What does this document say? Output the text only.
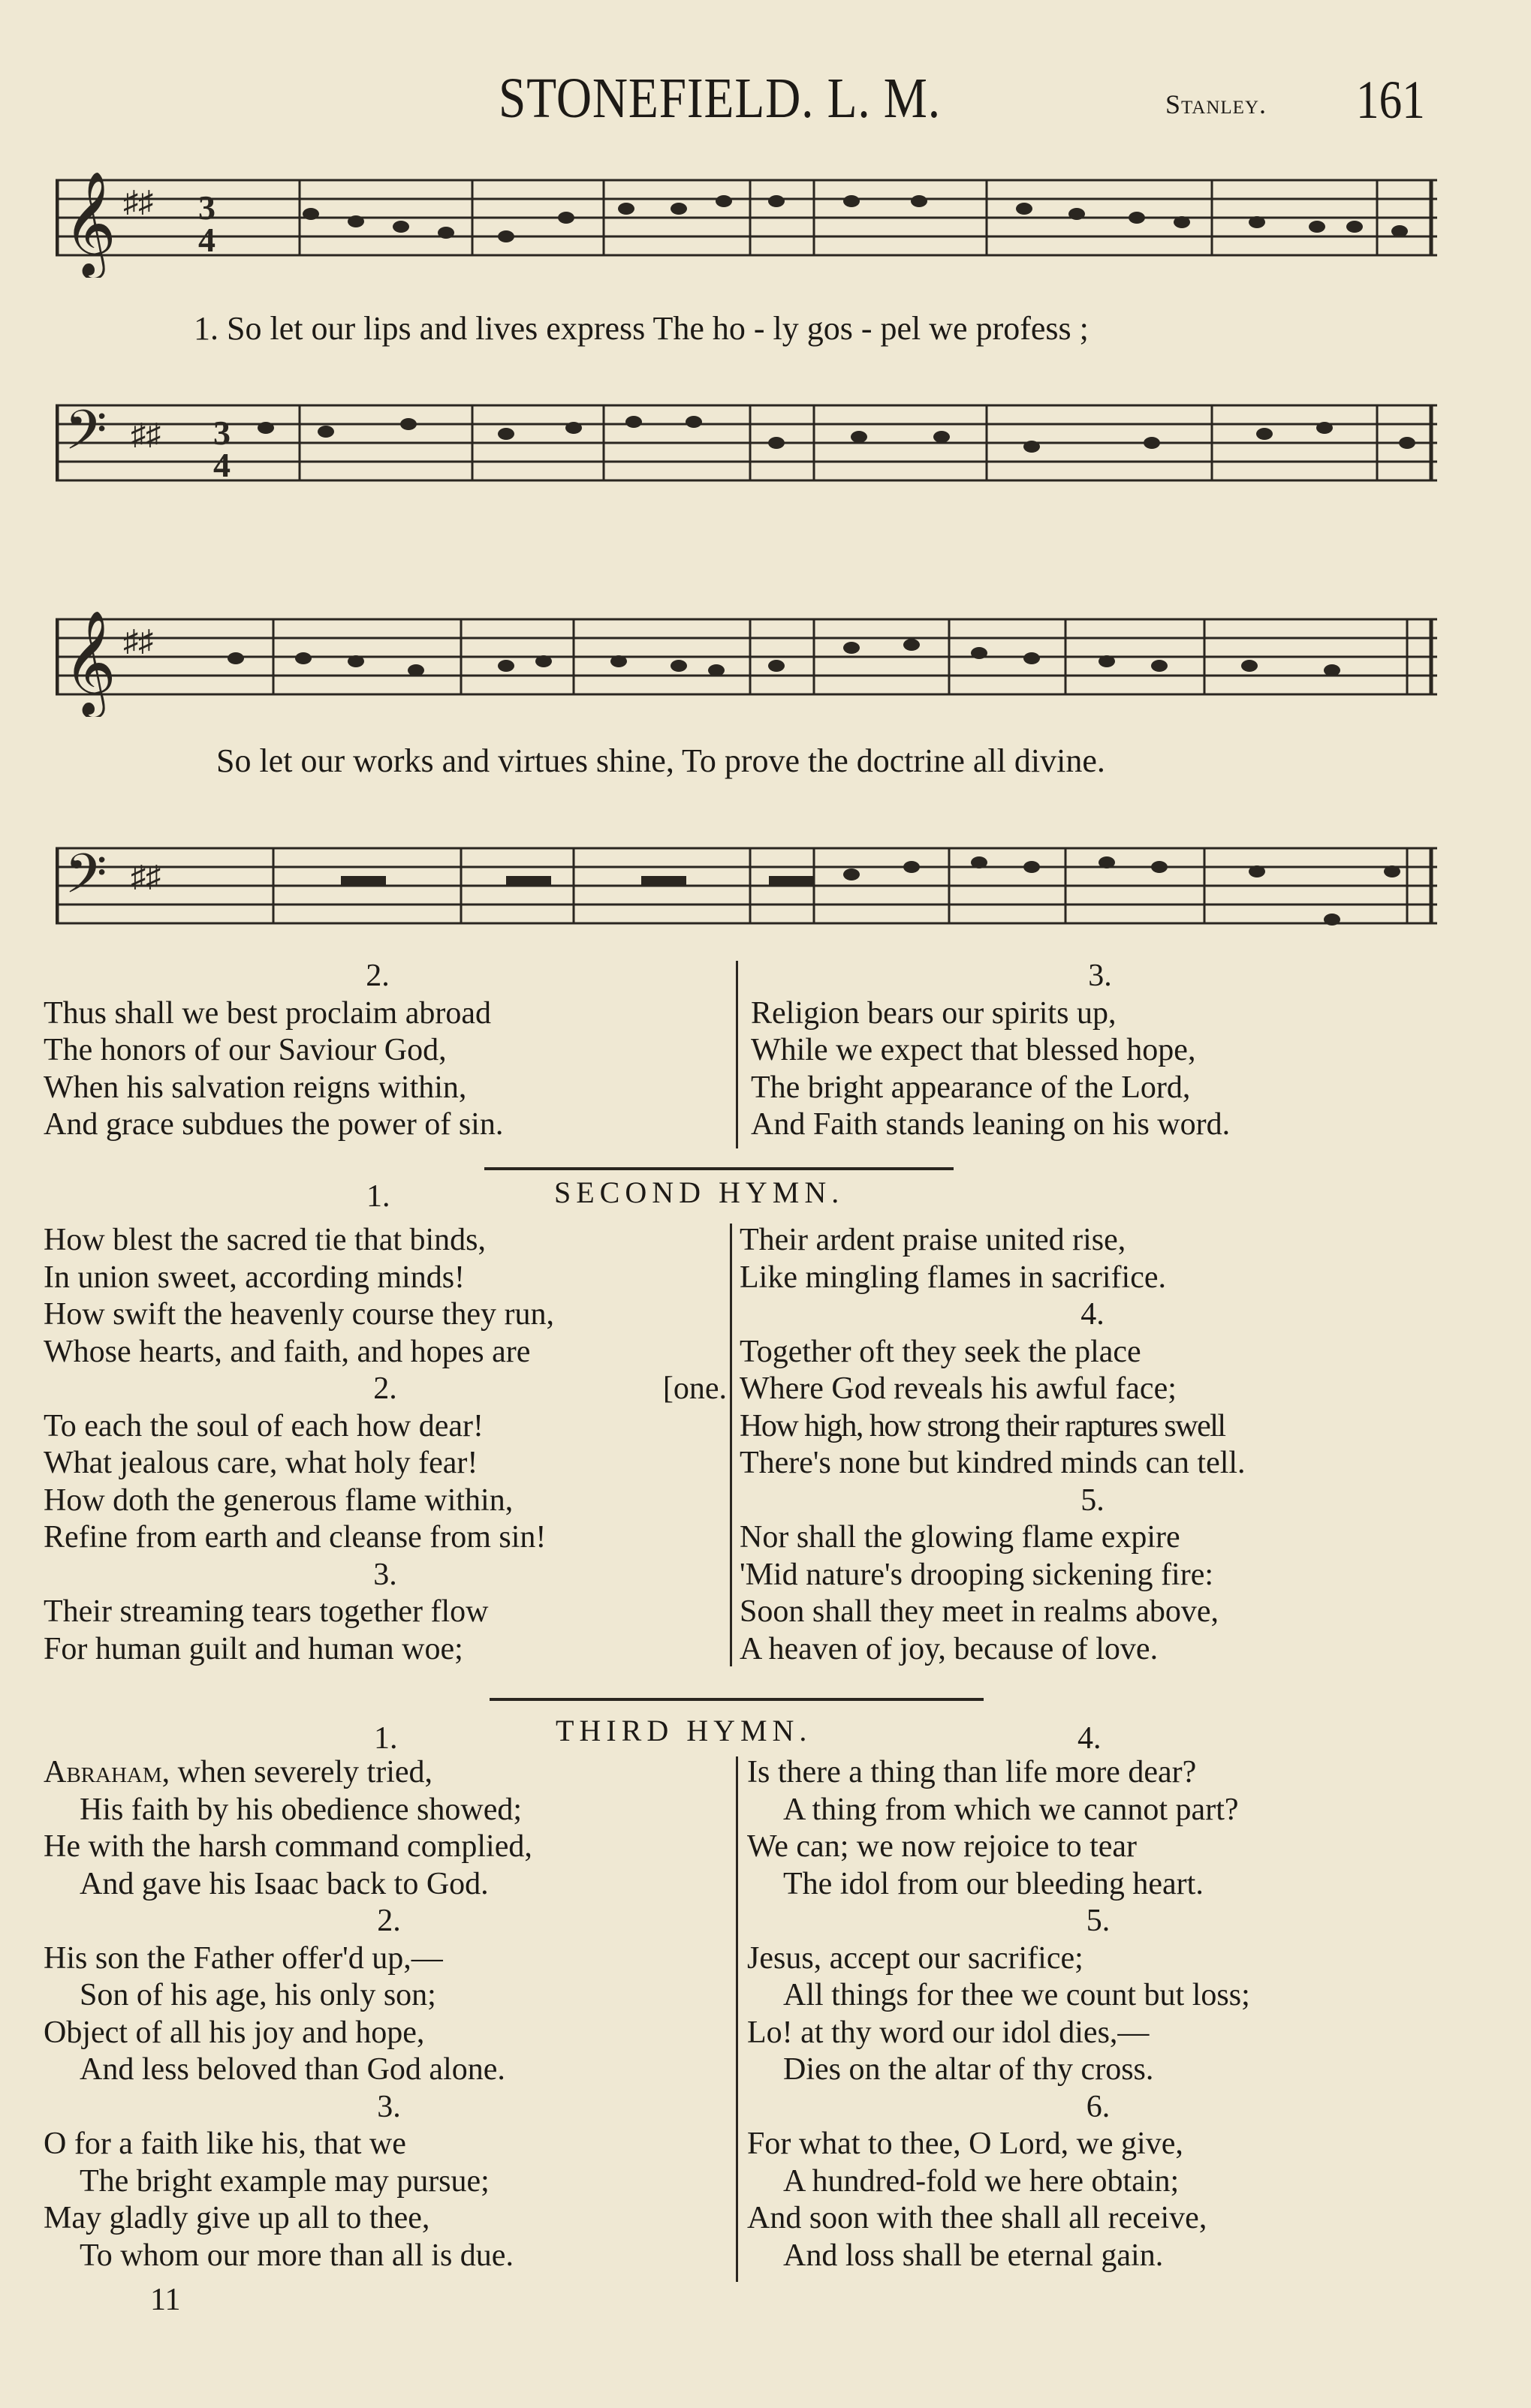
STONEFIELD. L. M.	Stanley. 161
𝄞 ♯♯ 3
4
1. So let our lips and lives express The ho - ly gos - pel we profess ;
𝄢 ♯♯ 3
4
𝄞 ♯♯
So let our works and virtues shine, To prove the doctrine all divine.
𝄢 ♯♯

2.

Thus shall we best proclaim abroad

The honors of our Saviour God,

When his salvation reigns within,

And grace subdues the power of sin.

3.

Religion bears our spirits up,

While we expect that blessed hope,

The bright appearance of the Lord,

And Faith stands leaning on his word.

1.	SECOND HYMN.

How blest the sacred tie that binds,

In union sweet, according minds!

How swift the heavenly course they run,

Whose hearts, and faith, and hopes are

2.	[one.

To each the soul of each how dear!

What jealous care, what holy fear!

How doth the generous flame within,

Refine from earth and cleanse from sin!

3.

Their streaming tears together flow

For human guilt and human woe;

Their ardent praise united rise,

Like mingling flames in sacrifice.

4.

Together oft they seek the place

Where God reveals his awful face;

How high, how strong their raptures swell

There's none but kindred minds can tell.

5.

Nor shall the glowing flame expire

'Mid nature's drooping sickening fire:

Soon shall they meet in realms above,

A heaven of joy, because of love.

1.	THIRD HYMN.	4.

Abraham, when severely tried,

His faith by his obedience showed;

He with the harsh command complied,

And gave his Isaac back to God.

2.

His son the Father offer'd up,—

Son of his age, his only son;

Object of all his joy and hope,

And less beloved than God alone.

3.

O for a faith like his, that we

The bright example may pursue;

May gladly give up all to thee,

To whom our more than all is due.

Is there a thing than life more dear?

A thing from which we cannot part?

We can; we now rejoice to tear

The idol from our bleeding heart.

5.

Jesus, accept our sacrifice;

All things for thee we count but loss;

Lo! at thy word our idol dies,—

Dies on the altar of thy cross.

6.

For what to thee, O Lord, we give,

A hundred-fold we here obtain;

And soon with thee shall all receive,

And loss shall be eternal gain.

11
